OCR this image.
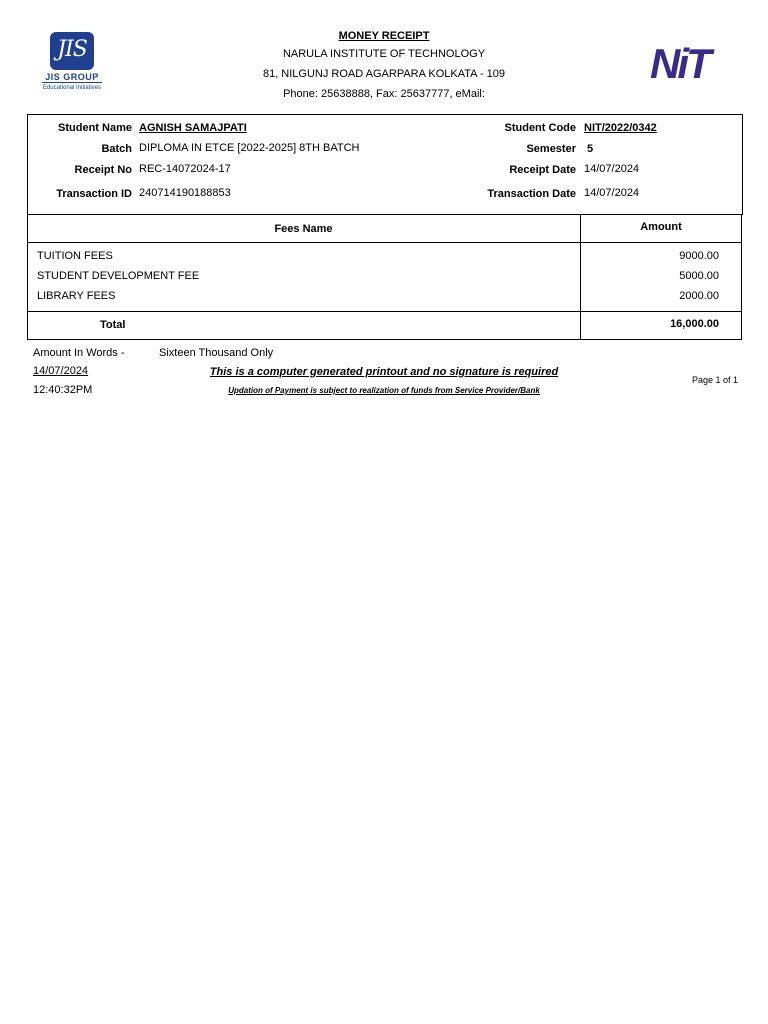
MONEY RECEIPT
NARULA INSTITUTE OF TECHNOLOGY
81, NILGUNJ ROAD AGARPARA KOLKATA - 109
Phone: 25638888, Fax: 25637777, eMail:
JIS
JIS GROUP
Educational Initiatives
NiT
Student Name AGNISH SAMAJPATI	Student Code NIT/2022/0342
Batch DIPLOMA IN ETCE [2022-2025] 8TH BATCH	Semester 5
Receipt No REC-14072024-17	Receipt Date 14/07/2024
Transaction ID 240714190188853	Transaction Date 14/07/2024
Fees Name	Amount
TUITION FEES	9000.00
STUDENT DEVELOPMENT FEE	5000.00
LIBRARY FEES	2000.00
Total	16,000.00
Amount In Words -	Sixteen Thousand Only
14/07/2024
12:40:32PM
This is a computer generated printout and no signature is required
Updation of Payment is subject to realization of funds from Service Provider/Bank
Page 1 of 1
